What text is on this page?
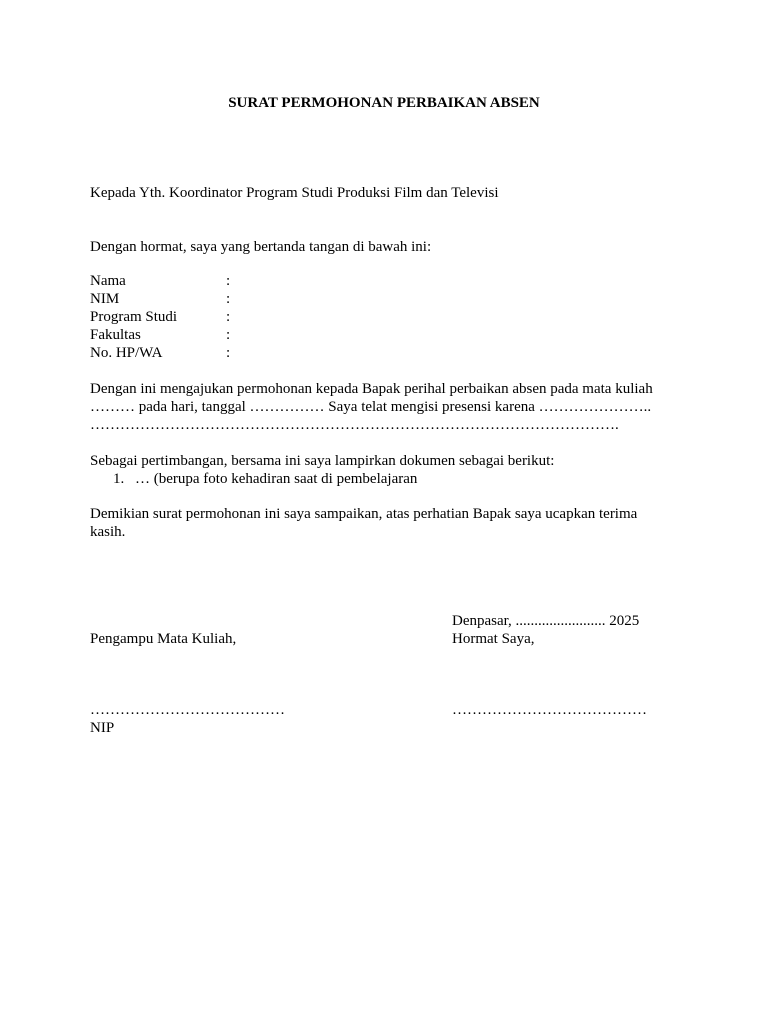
SURAT PERMOHONAN PERBAIKAN ABSEN
Kepada Yth. Koordinator Program Studi Produksi Film dan Televisi
Dengan hormat, saya yang bertanda tangan di bawah ini:
Nama	:
NIM	:
Program Studi	:
Fakultas	:
No. HP/WA	:
Dengan ini mengajukan permohonan kepada Bapak perihal perbaikan absen pada mata kuliah
……… pada hari, tanggal …………… Saya telat mengisi presensi karena …………………..
…………………………………………………………………………………………….
Sebagai pertimbangan, bersama ini saya lampirkan dokumen sebagai berikut:
1. … (berupa foto kehadiran saat di pembelajaran
Demikian surat permohonan ini saya sampaikan, atas perhatian Bapak saya ucapkan terima
kasih.
Denpasar, ........................ 2025
Pengampu Mata Kuliah,	Hormat Saya,
…………………………………	…………………………………
NIP
